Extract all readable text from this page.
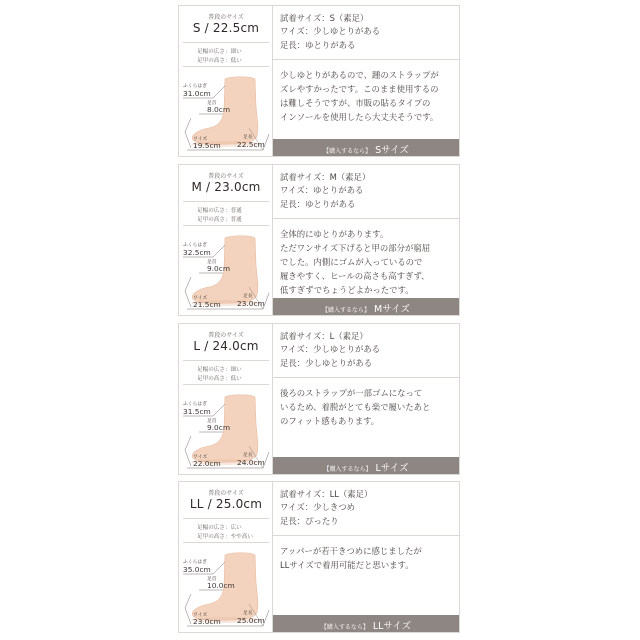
普段のサイズ
S / 22.5cm
足幅の広さ：細い
足甲の高さ：低い
ふくらはぎ
31.0cm
足首
8.0cm
ワイズ
19.5cm
足長
22.5cm
試着サイズ：S（素足）
ワイズ：少しゆとりがある
足長：ゆとりがある
少しゆとりがあるので、踵のストラップが
ズレやすかったです。このまま使用するの
は難しそうですが、市販の貼るタイプの
インソールを使用したら大丈夫そうです。
【購入するなら】 Sサイズ
普段のサイズ
M / 23.0cm
足幅の広さ：普通
足甲の高さ：普通
ふくらはぎ
32.5cm
足首
9.0cm
ワイズ
21.5cm
足長
23.0cm
試着サイズ：M（素足）
ワイズ：ゆとりがある
足長：ゆとりがある
全体的にゆとりがあります。
ただワンサイズ下げると甲の部分が窮屈
でした。内側にゴムが入っているので
履きやすく、ヒールの高さも高すぎず、
低すぎずでちょうどよかったです。
【購入するなら】 Mサイズ
普段のサイズ
L / 24.0cm
足幅の広さ：細い
足甲の高さ：低い
ふくらはぎ
31.5cm
足首
9.0cm
ワイズ
22.0cm
足長
24.0cm
試着サイズ：L（素足）
ワイズ：少しゆとりがある
足長：少しゆとりがある
後ろのストラップが一部ゴムになって
いるため、着脱がとても楽で履いたあと
のフィット感もあります。
【購入するなら】 Lサイズ
普段のサイズ
LL / 25.0cm
足幅の広さ：広い
足甲の高さ：やや高い
ふくらはぎ
35.0cm
足首
10.0cm
ワイズ
23.0cm
足長
25.0cm
試着サイズ：LL（素足）
ワイズ：少しきつめ
足長：ぴったり
アッパーが若干きつめに感じましたが
LLサイズで着用可能だと思います。
【購入するなら】 LLサイズ
